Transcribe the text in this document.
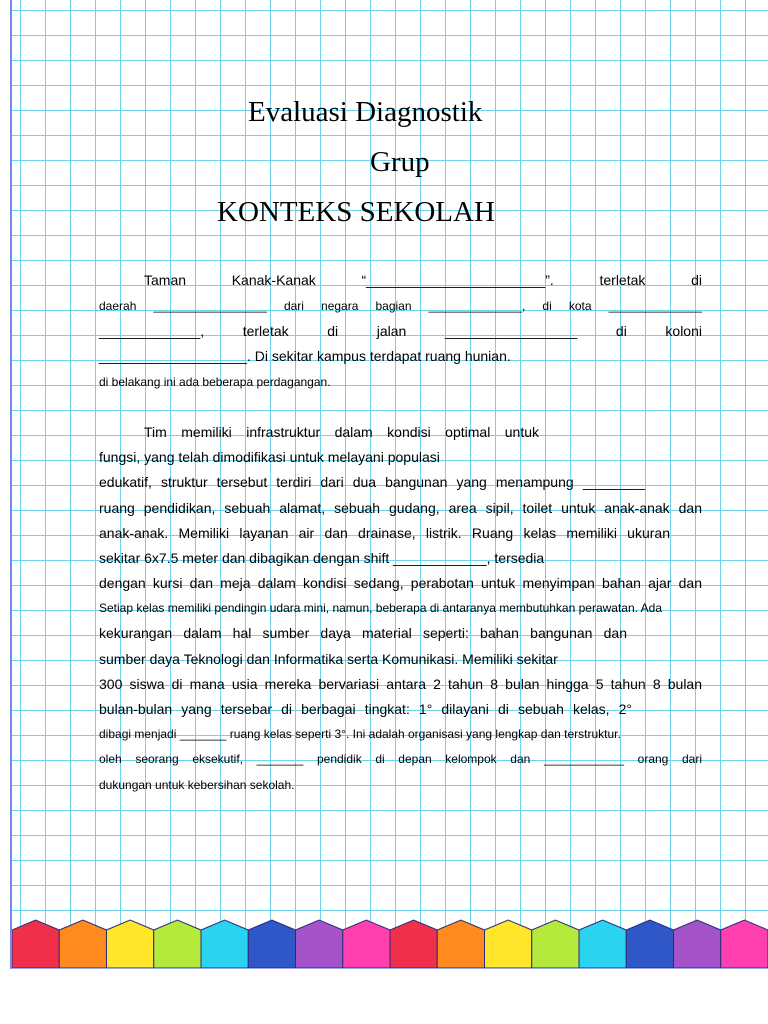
Evaluasi Diagnostik
Grup
KONTEKS SEKOLAH
Taman Kanak-Kanak “_______________________”. terletak di
daerah _________________ dari negara bagian ______________, di kota ______________
_____________, terletak di jalan _________________ di koloni
___________________. Di sekitar kampus terdapat ruang hunian.
di belakang ini ada beberapa perdagangan.
Tim memiliki infrastruktur dalam kondisi optimal untuk
fungsi, yang telah dimodifikasi untuk melayani populasi
edukatif, struktur tersebut terdiri dari dua bangunan yang menampung ________
ruang pendidikan, sebuah alamat, sebuah gudang, area sipil, toilet untuk anak-anak dan
anak-anak. Memiliki layanan air dan drainase, listrik. Ruang kelas memiliki ukuran
sekitar 6x7.5 meter dan dibagikan dengan shift ____________, tersedia
dengan kursi dan meja dalam kondisi sedang, perabotan untuk menyimpan bahan ajar dan
Setiap kelas memiliki pendingin udara mini, namun, beberapa di antaranya membutuhkan perawatan. Ada
kekurangan dalam hal sumber daya material seperti: bahan bangunan dan
sumber daya Teknologi dan Informatika serta Komunikasi. Memiliki sekitar
300 siswa di mana usia mereka bervariasi antara 2 tahun 8 bulan hingga 5 tahun 8 bulan
bulan-bulan yang tersebar di berbagai tingkat: 1° dilayani di sebuah kelas, 2°
dibagi menjadi _______ ruang kelas seperti 3°. Ini adalah organisasi yang lengkap dan terstruktur.
oleh seorang eksekutif, _______ pendidik di depan kelompok dan ____________ orang dari
dukungan untuk kebersihan sekolah.
